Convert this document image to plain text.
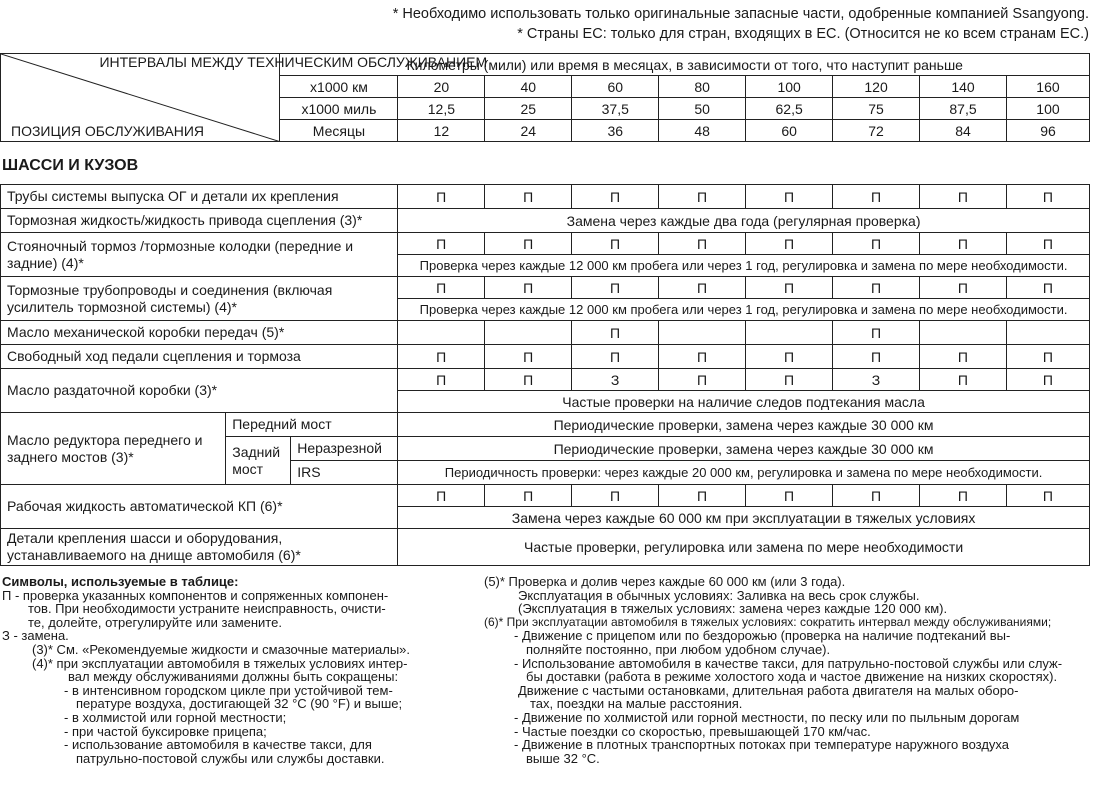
* Необходимо использовать только оригинальные запасные части, одобренные компанией Ssangyong.
* Страны ЕС: только для стран, входящих в ЕС. (Относится не ко всем странам ЕС.)
ИНТЕРВАЛЫ МЕЖДУ ТЕХНИЧЕСКИМ ОБСЛУЖИВАНИЕМ
ПОЗИЦИЯ ОБСЛУЖИВАНИЯ	Километры (мили) или время в месяцах, в зависимости от того, что наступит раньше								
	x1000 км	20	40	60	80	100	120	140	160
	x1000 миль	12,5	25	37,5	50	62,5	75	87,5	100
	Месяцы	12	24	36	48	60	72	84	96
ШАССИ И КУЗОВ
Трубы системы выпуска ОГ и детали их крепления			П	П	П	П	П	П	П	П
Тормозная жидкость/жидкость привода сцепления (3)*			Замена через каждые два года (регулярная проверка)							
Стояночный тормоз /тормозные колодки (передние и задние) (4)*			П	П	П	П	П	П	П	П
			Проверка через каждые 12 000 км пробега или через 1 год, регулировка и замена по мере необходимости.							
Тормозные трубопроводы и соединения (включая усилитель тормозной системы) (4)*			П	П	П	П	П	П	П	П
			Проверка через каждые 12 000 км пробега или через 1 год, регулировка и замена по мере необходимости.							
Масло механической коробки передач (5)*					П			П		
Свободный ход педали сцепления и тормоза			П	П	П	П	П	П	П	П
Масло раздаточной коробки (3)*			П	П	З	П	П	З	П	П
			Частые проверки на наличие следов подтекания масла							
Масло редуктора переднего и заднего мостов (3)*	Передний мост		Периодические проверки, замена через каждые 30 000 км							
	Задний мост	Неразрезной	Периодические проверки, замена через каждые 30 000 км							
		IRS	Периодичность проверки: через каждые 20 000 км, регулировка и замена по мере необходимости.							
Рабочая жидкость автоматической КП (6)*			П	П	П	П	П	П	П	П
			Замена через каждые 60 000 км при эксплуатации в тяжелых условиях							
Детали крепления шасси и оборудования, устанавливаемого на днище автомобиля (6)*			Частые проверки, регулировка или замена по мере необходимости							

Символы, используемые в таблице:

П - проверка указанных компонентов и сопряженных компонен-

тов. При необходимости устраните неисправность, очисти-

те, долейте, отрегулируйте или замените.

З - замена.

(3)* См. «Рекомендуемые жидкости и смазочные материалы».

(4)* при эксплуатации автомобиля в тяжелых условиях интер-

вал между обслуживаниями должны быть сокращены:

- в интенсивном городском цикле при устойчивой тем-

пературе воздуха, достигающей 32 °C (90 °F) и выше;

- в холмистой или горной местности;

- при частой буксировке прицепа;

- использование автомобиля в качестве такси, для

патрульно-постовой службы или службы доставки.

(5)* Проверка и долив через каждые 60 000 км (или 3 года).

Эксплуатация в обычных условиях: Заливка на весь срок службы.

(Эксплуатация в тяжелых условиях: замена через каждые 120 000 км).

(6)* При эксплуатации автомобиля в тяжелых условиях: сократить интервал между обслуживаниями;

- Движение с прицепом или по бездорожью (проверка на наличие подтеканий вы-

полняйте постоянно, при любом удобном случае).

- Использование автомобиля в качестве такси, для патрульно-постовой службы или служ-

бы доставки (работа в режиме холостого хода и частое движение на низких скоростях).

Движение с частыми остановками, длительная работа двигателя на малых оборо-

тах, поездки на малые расстояния.

- Движение по холмистой или горной местности, по песку или по пыльным дорогам

- Частые поездки со скоростью, превышающей 170 км/час.

- Движение в плотных транспортных потоках при температуре наружного воздуха

выше 32 °C.
